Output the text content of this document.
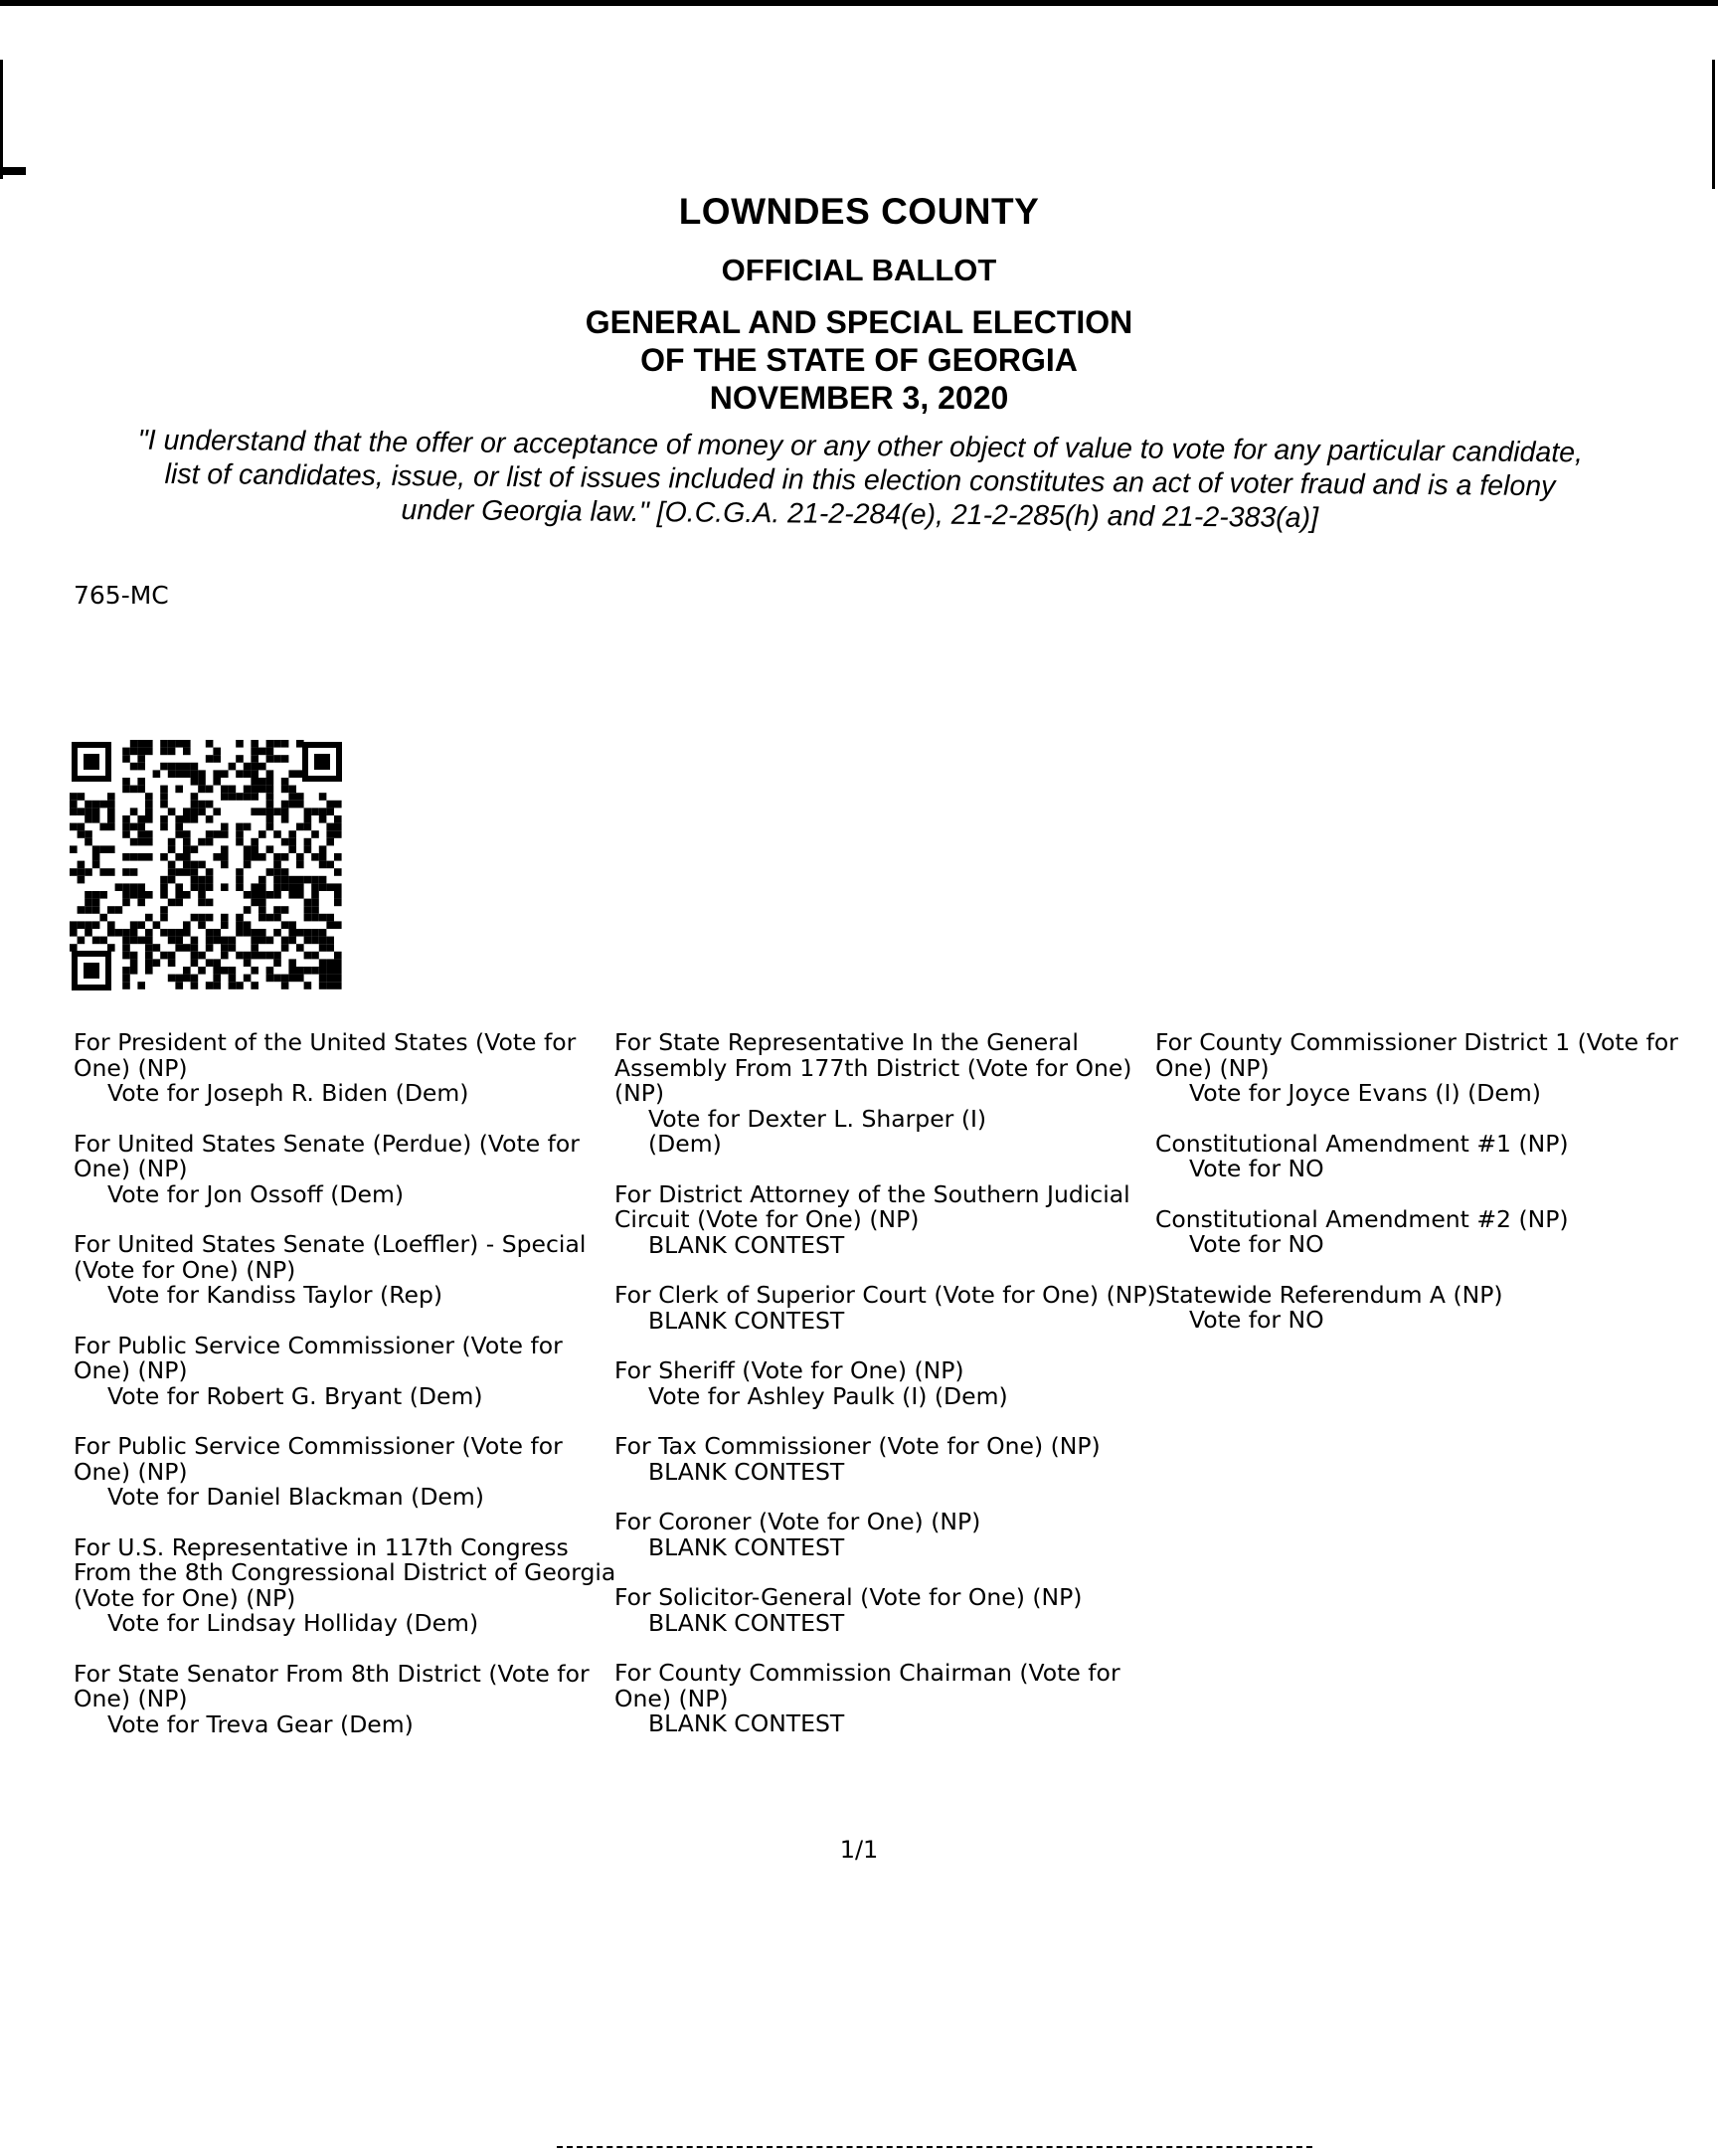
LOWNDES COUNTY
OFFICIAL BALLOT
GENERAL AND SPECIAL ELECTION
OF THE STATE OF GEORGIA
NOVEMBER 3, 2020
"I understand that the offer or acceptance of money or any other object of value to vote for any particular candidate,
list of candidates, issue, or list of issues included in this election constitutes an act of voter fraud and is a felony
under Georgia law." [O.C.G.A. 21-2-284(e), 21-2-285(h) and 21-2-383(a)]
765-MC
For President of the United States (Vote for One) (NP)
Vote for Joseph R. Biden (Dem)
For United States Senate (Perdue) (Vote for One) (NP)
Vote for Jon Ossoff (Dem)
For United States Senate (Loeffler) - Special (Vote for One) (NP)
Vote for Kandiss Taylor (Rep)
For Public Service Commissioner (Vote for One) (NP)
Vote for Robert G. Bryant (Dem)
For Public Service Commissioner (Vote for One) (NP)
Vote for Daniel Blackman (Dem)
For U.S. Representative in 117th Congress From the 8th Congressional District of Georgia (Vote for One) (NP)
Vote for Lindsay Holliday (Dem)
For State Senator From 8th District (Vote for One) (NP)
Vote for Treva Gear (Dem)
For State Representative In the General Assembly From 177th District (Vote for One) (NP)
Vote for Dexter L. Sharper (I)
(Dem)
For District Attorney of the Southern Judicial Circuit (Vote for One) (NP)
BLANK CONTEST
For Clerk of Superior Court (Vote for One) (NP)
BLANK CONTEST
For Sheriff (Vote for One) (NP)
Vote for Ashley Paulk (I) (Dem)
For Tax Commissioner (Vote for One) (NP)
BLANK CONTEST
For Coroner (Vote for One) (NP)
BLANK CONTEST
For Solicitor-General (Vote for One) (NP)
BLANK CONTEST
For County Commission Chairman (Vote for One) (NP)
BLANK CONTEST
For County Commissioner District 1 (Vote for One) (NP)
Vote for Joyce Evans (I) (Dem)
Constitutional Amendment #1 (NP)
Vote for NO
Constitutional Amendment #2 (NP)
Vote for NO
Statewide Referendum A (NP)
Vote for NO
1/1
